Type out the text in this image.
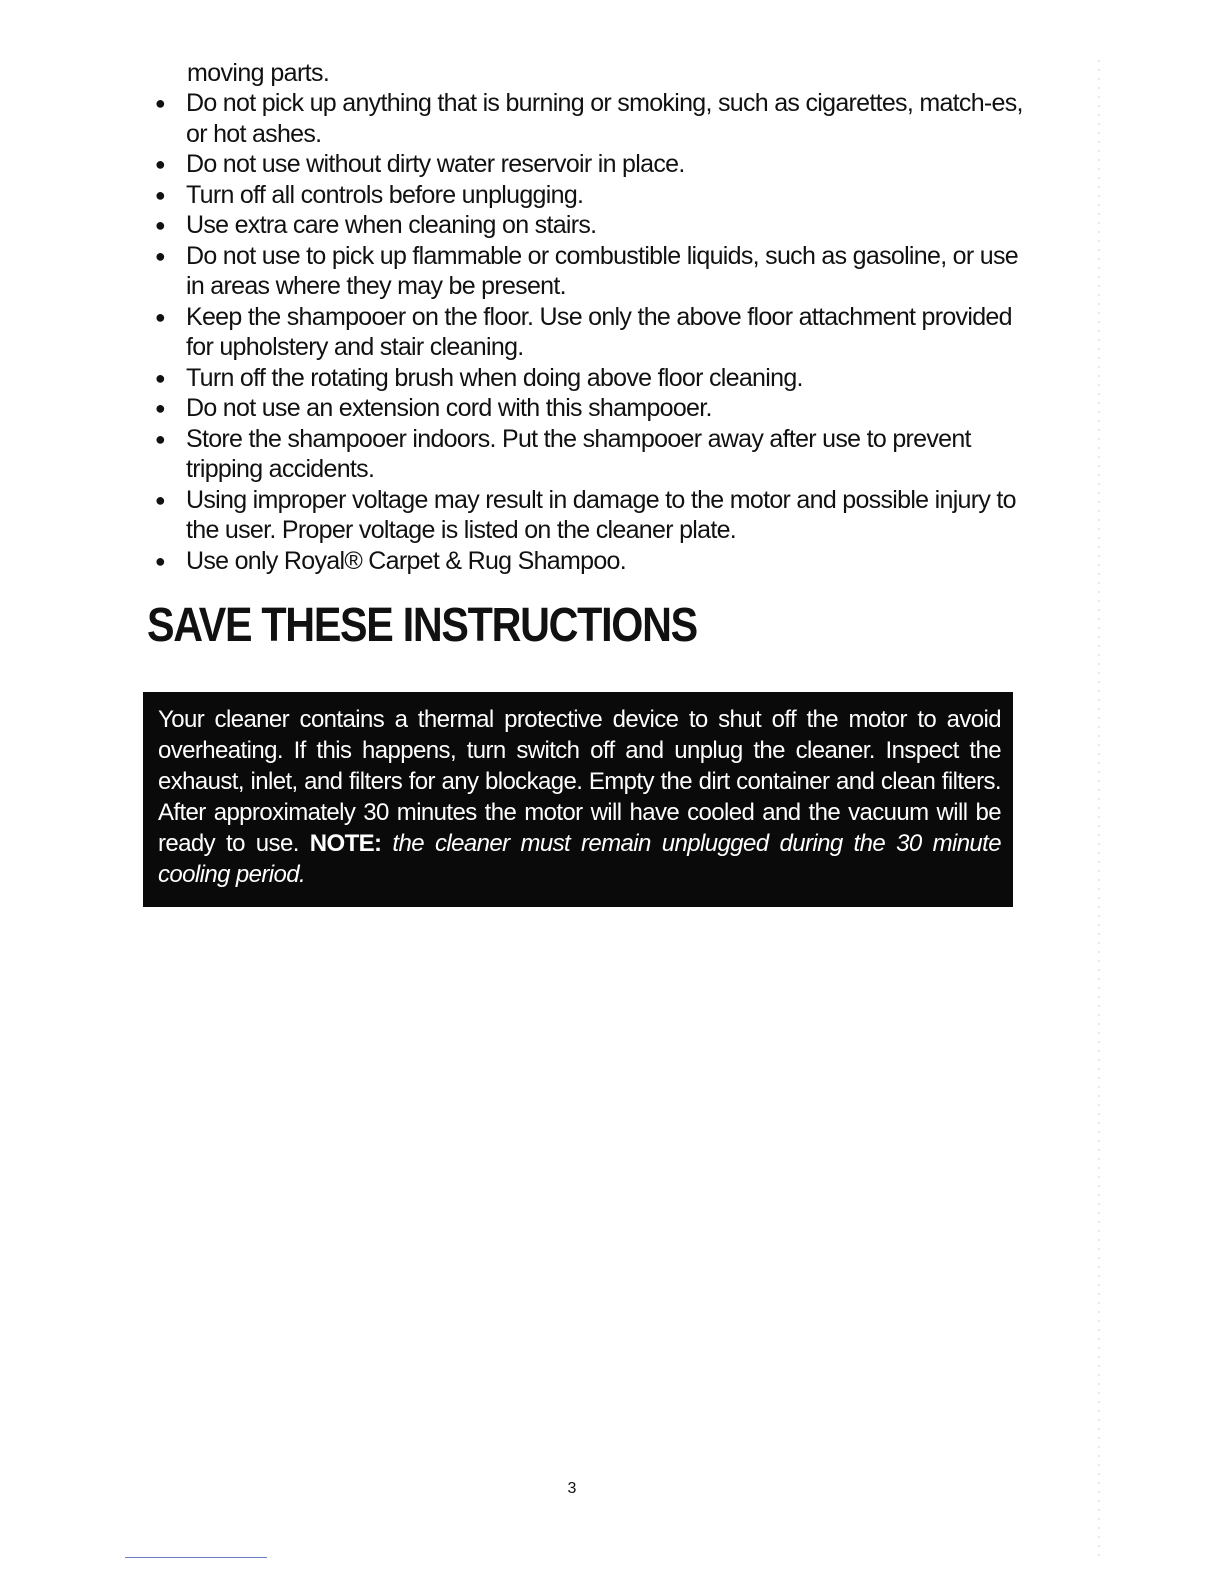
moving parts.

● Do not pick up anything that is burning or smoking, such as cigarettes, match-es, or hot ashes.
● Do not use without dirty water reservoir in place.
● Turn off all controls before unplugging.
● Use extra care when cleaning on stairs.
● Do not use to pick up flammable or combustible liquids, such as gasoline, or use in areas where they may be present.
● Keep the shampooer on the floor. Use only the above floor attachment provided for upholstery and stair cleaning.
● Turn off the rotating brush when doing above floor cleaning.
● Do not use an extension cord with this shampooer.
● Store the shampooer indoors. Put the shampooer away after use to prevent tripping accidents.
● Using improper voltage may result in damage to the motor and possible injury to the user. Proper voltage is listed on the cleaner plate.
● Use only Royal® Carpet & Rug Shampoo.
SAVE THESE INSTRUCTIONS
Your cleaner contains a thermal protective device to shut off the motor to avoid overheating. If this happens, turn switch off and unplug the cleaner. Inspect the exhaust, inlet, and filters for any blockage. Empty the dirt container and clean filters. After approximately 30 minutes the motor will have cooled and the vacuum will be ready to use. NOTE: the cleaner must remain unplugged during the 30 minute cooling period.
3
